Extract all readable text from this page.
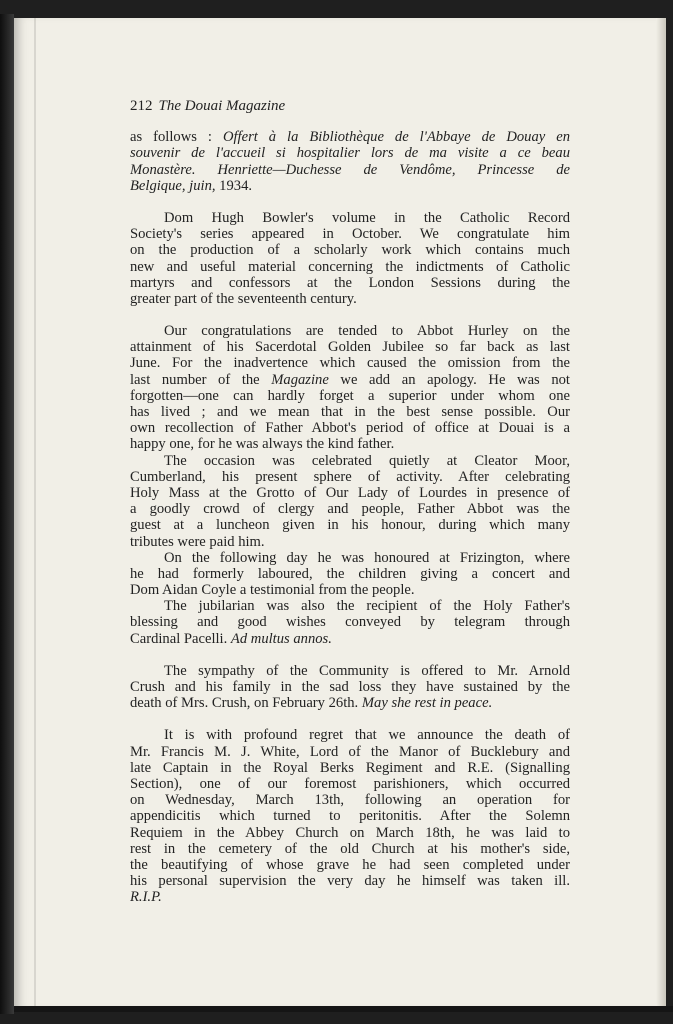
212 The Douai Magazine
as follows : Offert à la Bibliothèque de l'Abbaye de Douay en
souvenir de l'accueil si hospitalier lors de ma visite a ce beau
Monastère. Henriette—Duchesse de Vendôme, Princesse de
Belgique, juin, 1934.
Dom Hugh Bowler's volume in the Catholic Record
Society's series appeared in October. We congratulate him
on the production of a scholarly work which contains much
new and useful material concerning the indictments of Catholic
martyrs and confessors at the London Sessions during the
greater part of the seventeenth century.
Our congratulations are tended to Abbot Hurley on the
attainment of his Sacerdotal Golden Jubilee so far back as last
June. For the inadvertence which caused the omission from the
last number of the Magazine we add an apology. He was not
forgotten—one can hardly forget a superior under whom one
has lived ; and we mean that in the best sense possible. Our
own recollection of Father Abbot's period of office at Douai is a
happy one, for he was always the kind father.
The occasion was celebrated quietly at Cleator Moor,
Cumberland, his present sphere of activity. After celebrating
Holy Mass at the Grotto of Our Lady of Lourdes in presence of
a goodly crowd of clergy and people, Father Abbot was the
guest at a luncheon given in his honour, during which many
tributes were paid him.
On the following day he was honoured at Frizington, where
he had formerly laboured, the children giving a concert and
Dom Aidan Coyle a testimonial from the people.
The jubilarian was also the recipient of the Holy Father's
blessing and good wishes conveyed by telegram through
Cardinal Pacelli. Ad multus annos.
The sympathy of the Community is offered to Mr. Arnold
Crush and his family in the sad loss they have sustained by the
death of Mrs. Crush, on February 26th. May she rest in peace.
It is with profound regret that we announce the death of
Mr. Francis M. J. White, Lord of the Manor of Bucklebury and
late Captain in the Royal Berks Regiment and R.E. (Signalling
Section), one of our foremost parishioners, which occurred
on Wednesday, March 13th, following an operation for
appendicitis which turned to peritonitis. After the Solemn
Requiem in the Abbey Church on March 18th, he was laid to
rest in the cemetery of the old Church at his mother's side,
the beautifying of whose grave he had seen completed under
his personal supervision the very day he himself was taken ill.
R.I.P.
